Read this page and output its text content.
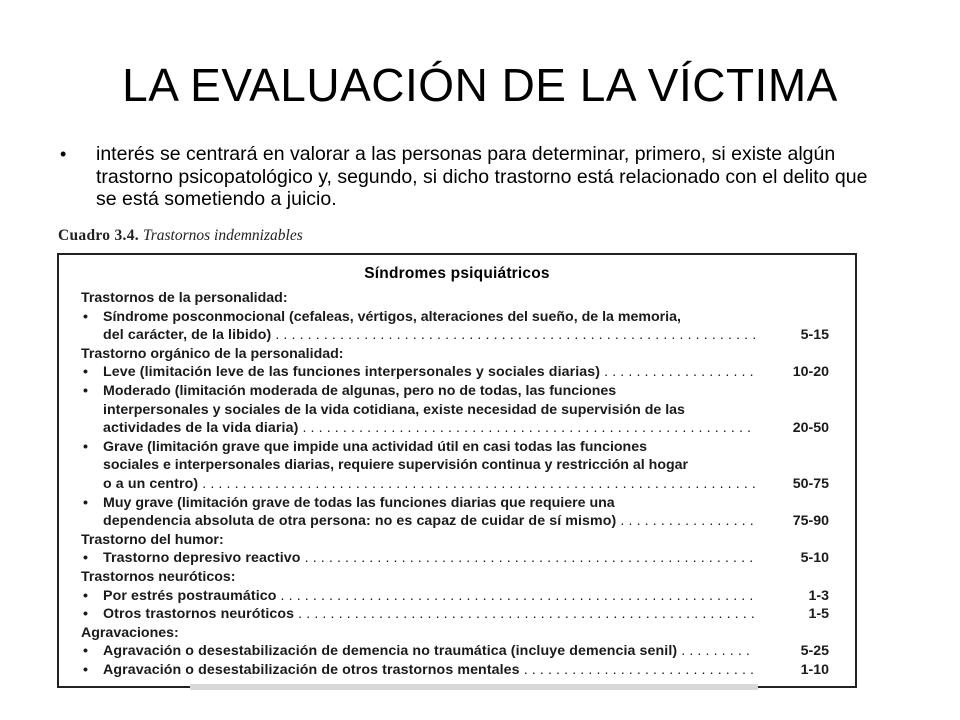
LA EVALUACIÓN DE LA VÍCTIMA
• interés se centrará en valorar a las personas para determinar, primero, si existe algún trastorno psicopatológico y, segundo, si dicho trastorno está relacionado con el delito que se está sometiendo a juicio.
Cuadro 3.4. Trastornos indemnizables
Síndromes psiquiátricos
Trastornos de la personalidad:
• Síndrome posconmocional (cefaleas, vértigos, alteraciones del sueño, de la memoria,
del carácter, de la libido) . . .	5-15
Trastorno orgánico de la personalidad:
• Leve (limitación leve de las funciones interpersonales y sociales diarias) . . .	10-20
• Moderado (limitación moderada de algunas, pero no de todas, las funciones
interpersonales y sociales de la vida cotidiana, existe necesidad de supervisión de las
actividades de la vida diaria) . . .	20-50
• Grave (limitación grave que impide una actividad útil en casi todas las funciones
sociales e interpersonales diarias, requiere supervisión continua y restricción al hogar
o a un centro) . . .	50-75
• Muy grave (limitación grave de todas las funciones diarias que requiere una
dependencia absoluta de otra persona: no es capaz de cuidar de sí mismo) . . .	75-90
Trastorno del humor:
• Trastorno depresivo reactivo . . .	5-10
Trastornos neuróticos:
• Por estrés postraumático . . .	1-3
• Otros trastornos neuróticos . . .	1-5
Agravaciones:
• Agravación o desestabilización de demencia no traumática (incluye demencia senil) . . .	5-25
• Agravación o desestabilización de otros trastornos mentales . . .	1-10
